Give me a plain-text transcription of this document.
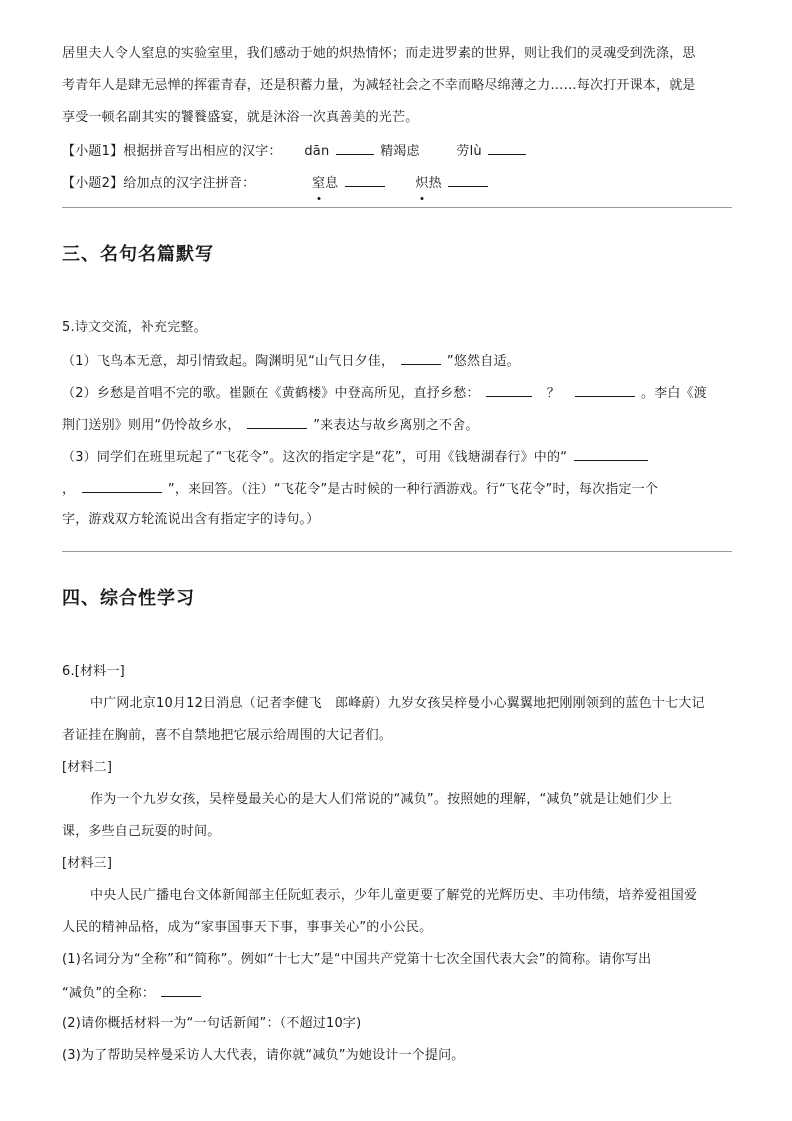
居里夫人令人窒息的实验室里，我们感动于她的炽热情怀；而走进罗素的世界，则让我们的灵魂受到洗涤，思
考青年人是肆无忌惮的挥霍青春，还是积蓄力量，为减轻社会之不幸而略尽绵薄之力……每次打开课本，就是
享受一顿名副其实的饕餮盛宴，就是沐浴一次真善美的光芒。
【小题1】根据拼音写出相应的汉字： dān	精竭虑	劳lù
【小题2】给加点的汉字注拼音：	窒息	炽热
三、名句名篇默写
5.诗文交流，补充完整。
（1）飞鸟本无意，却引情致起。陶渊明见“山气日夕佳，	”悠然自适。
（2）乡愁是首唱不完的歌。崔颢在《黄鹤楼》中登高所见，直抒乡愁：	？	。李白《渡
荆门送别》则用“仍怜故乡水，	”来表达与故乡离别之不舍。
（3）同学们在班里玩起了“飞花令”。这次的指定字是“花”，可用《钱塘湖春行》中的“
，	”，来回答。（注）“飞花令”是古时候的一种行酒游戏。行“飞花令”时，每次指定一个
字，游戏双方轮流说出含有指定字的诗句。）
四、综合性学习
6.[材料一]
中广网北京10月12日消息（记者李健飞　郎峰蔚）九岁女孩吴梓曼小心翼翼地把刚刚领到的蓝色十七大记
者证挂在胸前，喜不自禁地把它展示给周围的大记者们。
[材料二]
作为一个九岁女孩，吴梓曼最关心的是大人们常说的“减负”。按照她的理解，“减负”就是让她们少上
课，多些自己玩耍的时间。
[材料三]
中央人民广播电台文体新闻部主任阮虹表示，少年儿童更要了解党的光辉历史、丰功伟绩，培养爱祖国爱
人民的精神品格，成为“家事国事天下事，事事关心”的小公民。
(1)名词分为“全称”和“简称”。例如“十七大”是“中国共产党第十七次全国代表大会”的简称。请你写出
“减负”的全称：
(2)请你概括材料一为“一句话新闻”：（不超过10字)
(3)为了帮助吴梓曼采访人大代表，请你就“减负”为她设计一个提问。
